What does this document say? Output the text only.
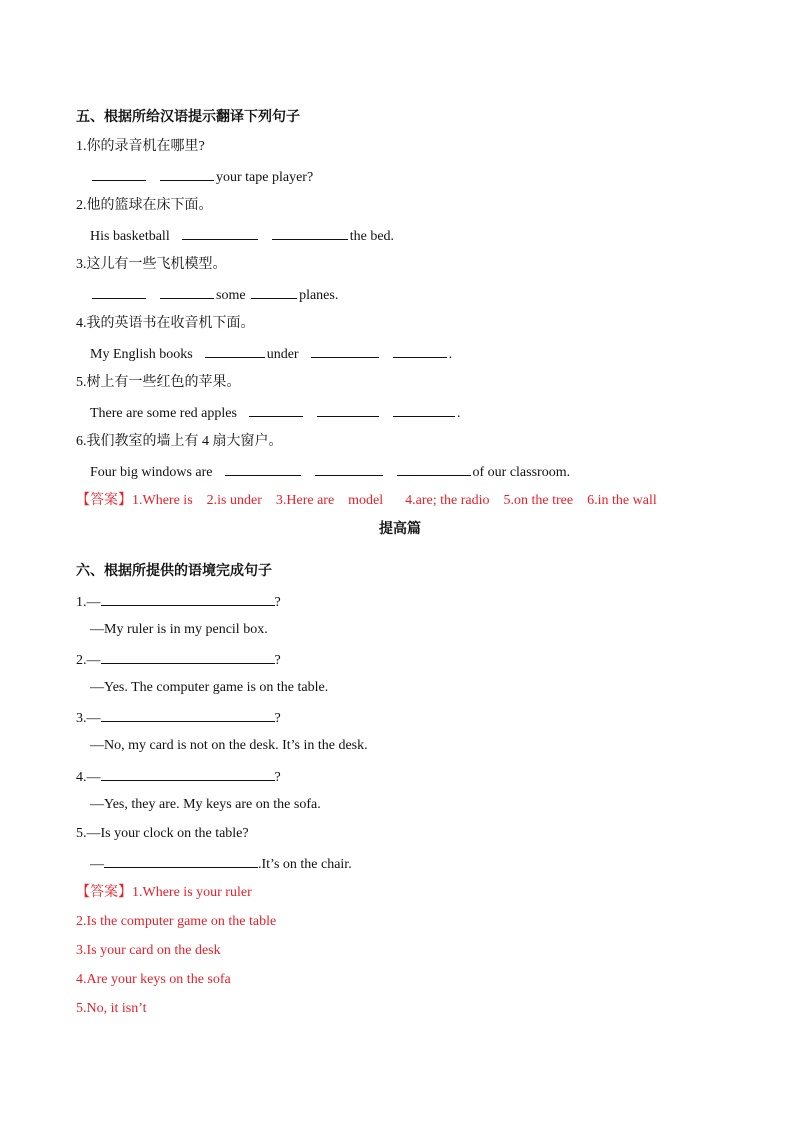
五、根据所给汉语提示翻译下列句子
1.你的录音机在哪里?
your tape player?
2.他的篮球在床下面。
His basketball	the bed.
3.这儿有一些飞机模型。
some	planes.
4.我的英语书在收音机下面。
My English books	under	.
5.树上有一些红色的苹果。
There are some red apples	.
6.我们教室的墙上有 4 扇大窗户。
Four big windows are	of our classroom.
【答案】1.Where is 2.is under 3.Here are model 4.are; the radio 5.on the tree 6.in the wall
提高篇
六、根据所提供的语境完成句子
1.—	?
—My ruler is in my pencil box.
2.—	?
—Yes. The computer game is on the table.
3.—	?
—No, my card is not on the desk. It’s in the desk.
4.—	?
—Yes, they are. My keys are on the sofa.
5.—Is your clock on the table?
—	.It’s on the chair.
【答案】1.Where is your ruler
2.Is the computer game on the table
3.Is your card on the desk
4.Are your keys on the sofa
5.No, it isn’t
